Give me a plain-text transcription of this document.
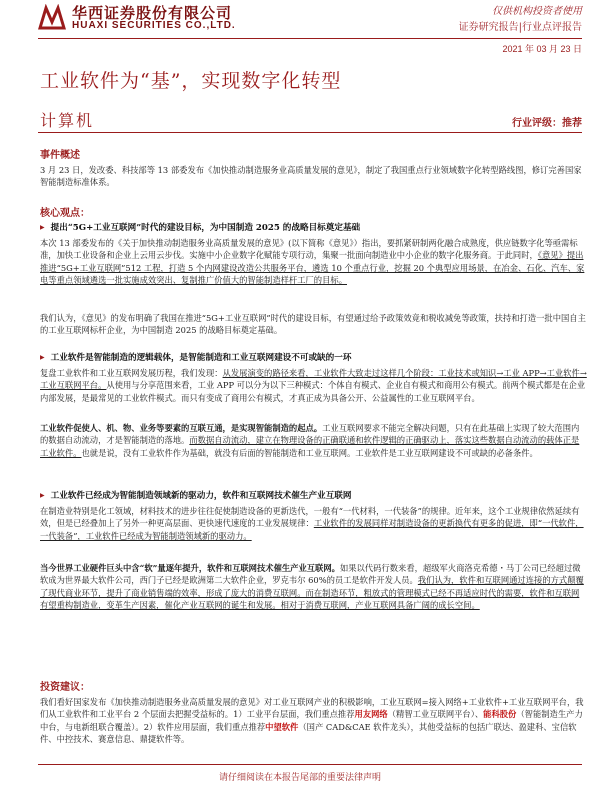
华西证券股份有限公司
HUAXI SECURITIES CO.,LTD.
仅供机构投资者使用
证券研究报告|行业点评报告
2021 年 03 月 23 日
工业软件为“基”，实现数字化转型
计算机	行业评级：推荐
事件概述

3 月 23 日，发改委、科技部等 13 部委发布《加快推动制造服务业高质量发展的意见》，制定了我国重点行业领域数字化转型路线图，修订完善国家智能制造标准体系。

核心观点：

▶ 提出“5G+工业互联网”时代的建设目标，为中国制造 2025 的战略目标奠定基础

本次 13 部委发布的《关于加快推动制造服务业高质量发展的意见》(以下简称《意见》）指出，要抓紧研制两化融合成熟度，供应链数字化等亟需标准，加快工业设备和企业上云用云步伐。实施中小企业数字化赋能专项行动，集聚一批面向制造业中小企业的数字化服务商。于此同时，《意见》提出推进“5G+工业互联网”512 工程，打造 5 个内网建设改造公共服务平台，遴选 10 个重点行业，挖掘 20 个典型应用场景，在冶金、石化、汽车、家电等重点领域遴选一批实施成效突出、复制推广价值大的智能制造样杆工厂的目标。

我们认为，《意见》的发布明确了我国在推进“5G+工业互联网”时代的建设目标，有望通过给予政策效竟和税收减免等政策，扶持和打造一批中国自主的工业互联网标杆企业，为中国制造 2025 的战略目标奠定基础。

▶ 工业软件是智能制造的逻辑载体，是智能制造和工业互联网建设不可或缺的一环

复盘工业软件和工业互联网发展历程，我们发现：从发展演变的路径来看，工业软件大致走过这样几个阶段：工业技术或知识→工业 APP→工业软件→工业互联网平台。从使用与分享范围来看，工业 APP 可以分为以下三种模式：个体自有模式、企业自有模式和商用公有模式。前两个模式都是在企业内部发展，是最常见的工业软件模式。而只有变成了商用公有模式，才真正成为具备公开、公益属性的工业互联网平台。

工业软件促使人、机、物、业务等要素的互联互通，是实现智能制造的起点。工业互联网要求不能完全解决问题，只有在此基础上实现了较大范围内的数据自动流动，才是智能制造的落地。而数据自动流动，建立在物理设备的正确联通和软件逻辑的正确驱动上，落实这些数据自动流动的载体正是工业软件。也就是说，没有工业软件作为基础，就没有后面的智能制造和工业互联网。工业软件是工业互联网建设不可或缺的必备条件。

▶ 工业软件已经成为智能制造领域新的驱动力，软件和互联网技术催生产业互联网

在制造业特别是化工领域，材料技术的进步往往促使制造设备的更新迭代，一般有“一代材料，一代装备”的规律。近年来，这个工业规律依然延续有效，但是已经叠加上了另外一种更高层面、更快速代速度的工业发展规律：工业软件的发展同样对制造设备的更新换代有更多的促进，即“一代软件，一代装备”，工业软件已经成为智能制造领域新的驱动力。

当今世界工业硬件巨头中含“软”量逐年提升，软件和互联网技术催生产业互联网。如果以代码行数来看，超级军火商洛克希德・马丁公司已经超过微软成为世界最大软件公司，西门子已经是欧洲第二大软件企业，罗克韦尔 60%的员工是软件开发人员。我们认为，软件和互联网通过连接的方式颠覆了现代商业环节，提升了商业销售端的效率，形成了庞大的消费互联网。而在制造环节，粗放式的管理模式已经不再适应时代的需要，软件和互联网有望重构制造业，变革生产因素，催化产业互联网的诞生和发展。相对于消费互联网，产业互联网具备广阔的成长空间。

投资建议：

我们看好国家发布《加快推动制造服务业高质量发展的意见》对工业互联网产业的积极影响，工业互联网=接入网络+工业软件+工业互联网平台，我们从工业软件和工业平台 2 个层面去把握受益标的。1）工业平台层面，我们重点推荐用友网络（精智工业互联网平台）、能科股份（智能制造生产力中台，与电新组联合覆盖）。2）软件应用层面，我们重点推荐中望软件（国产 CAD&CAE 软件龙头），其他受益标的包括广联达、盈建科、宝信软件、中控技术、赛意信息、鼎捷软件等。

请仔细阅读在本报告尾部的重要法律声明
